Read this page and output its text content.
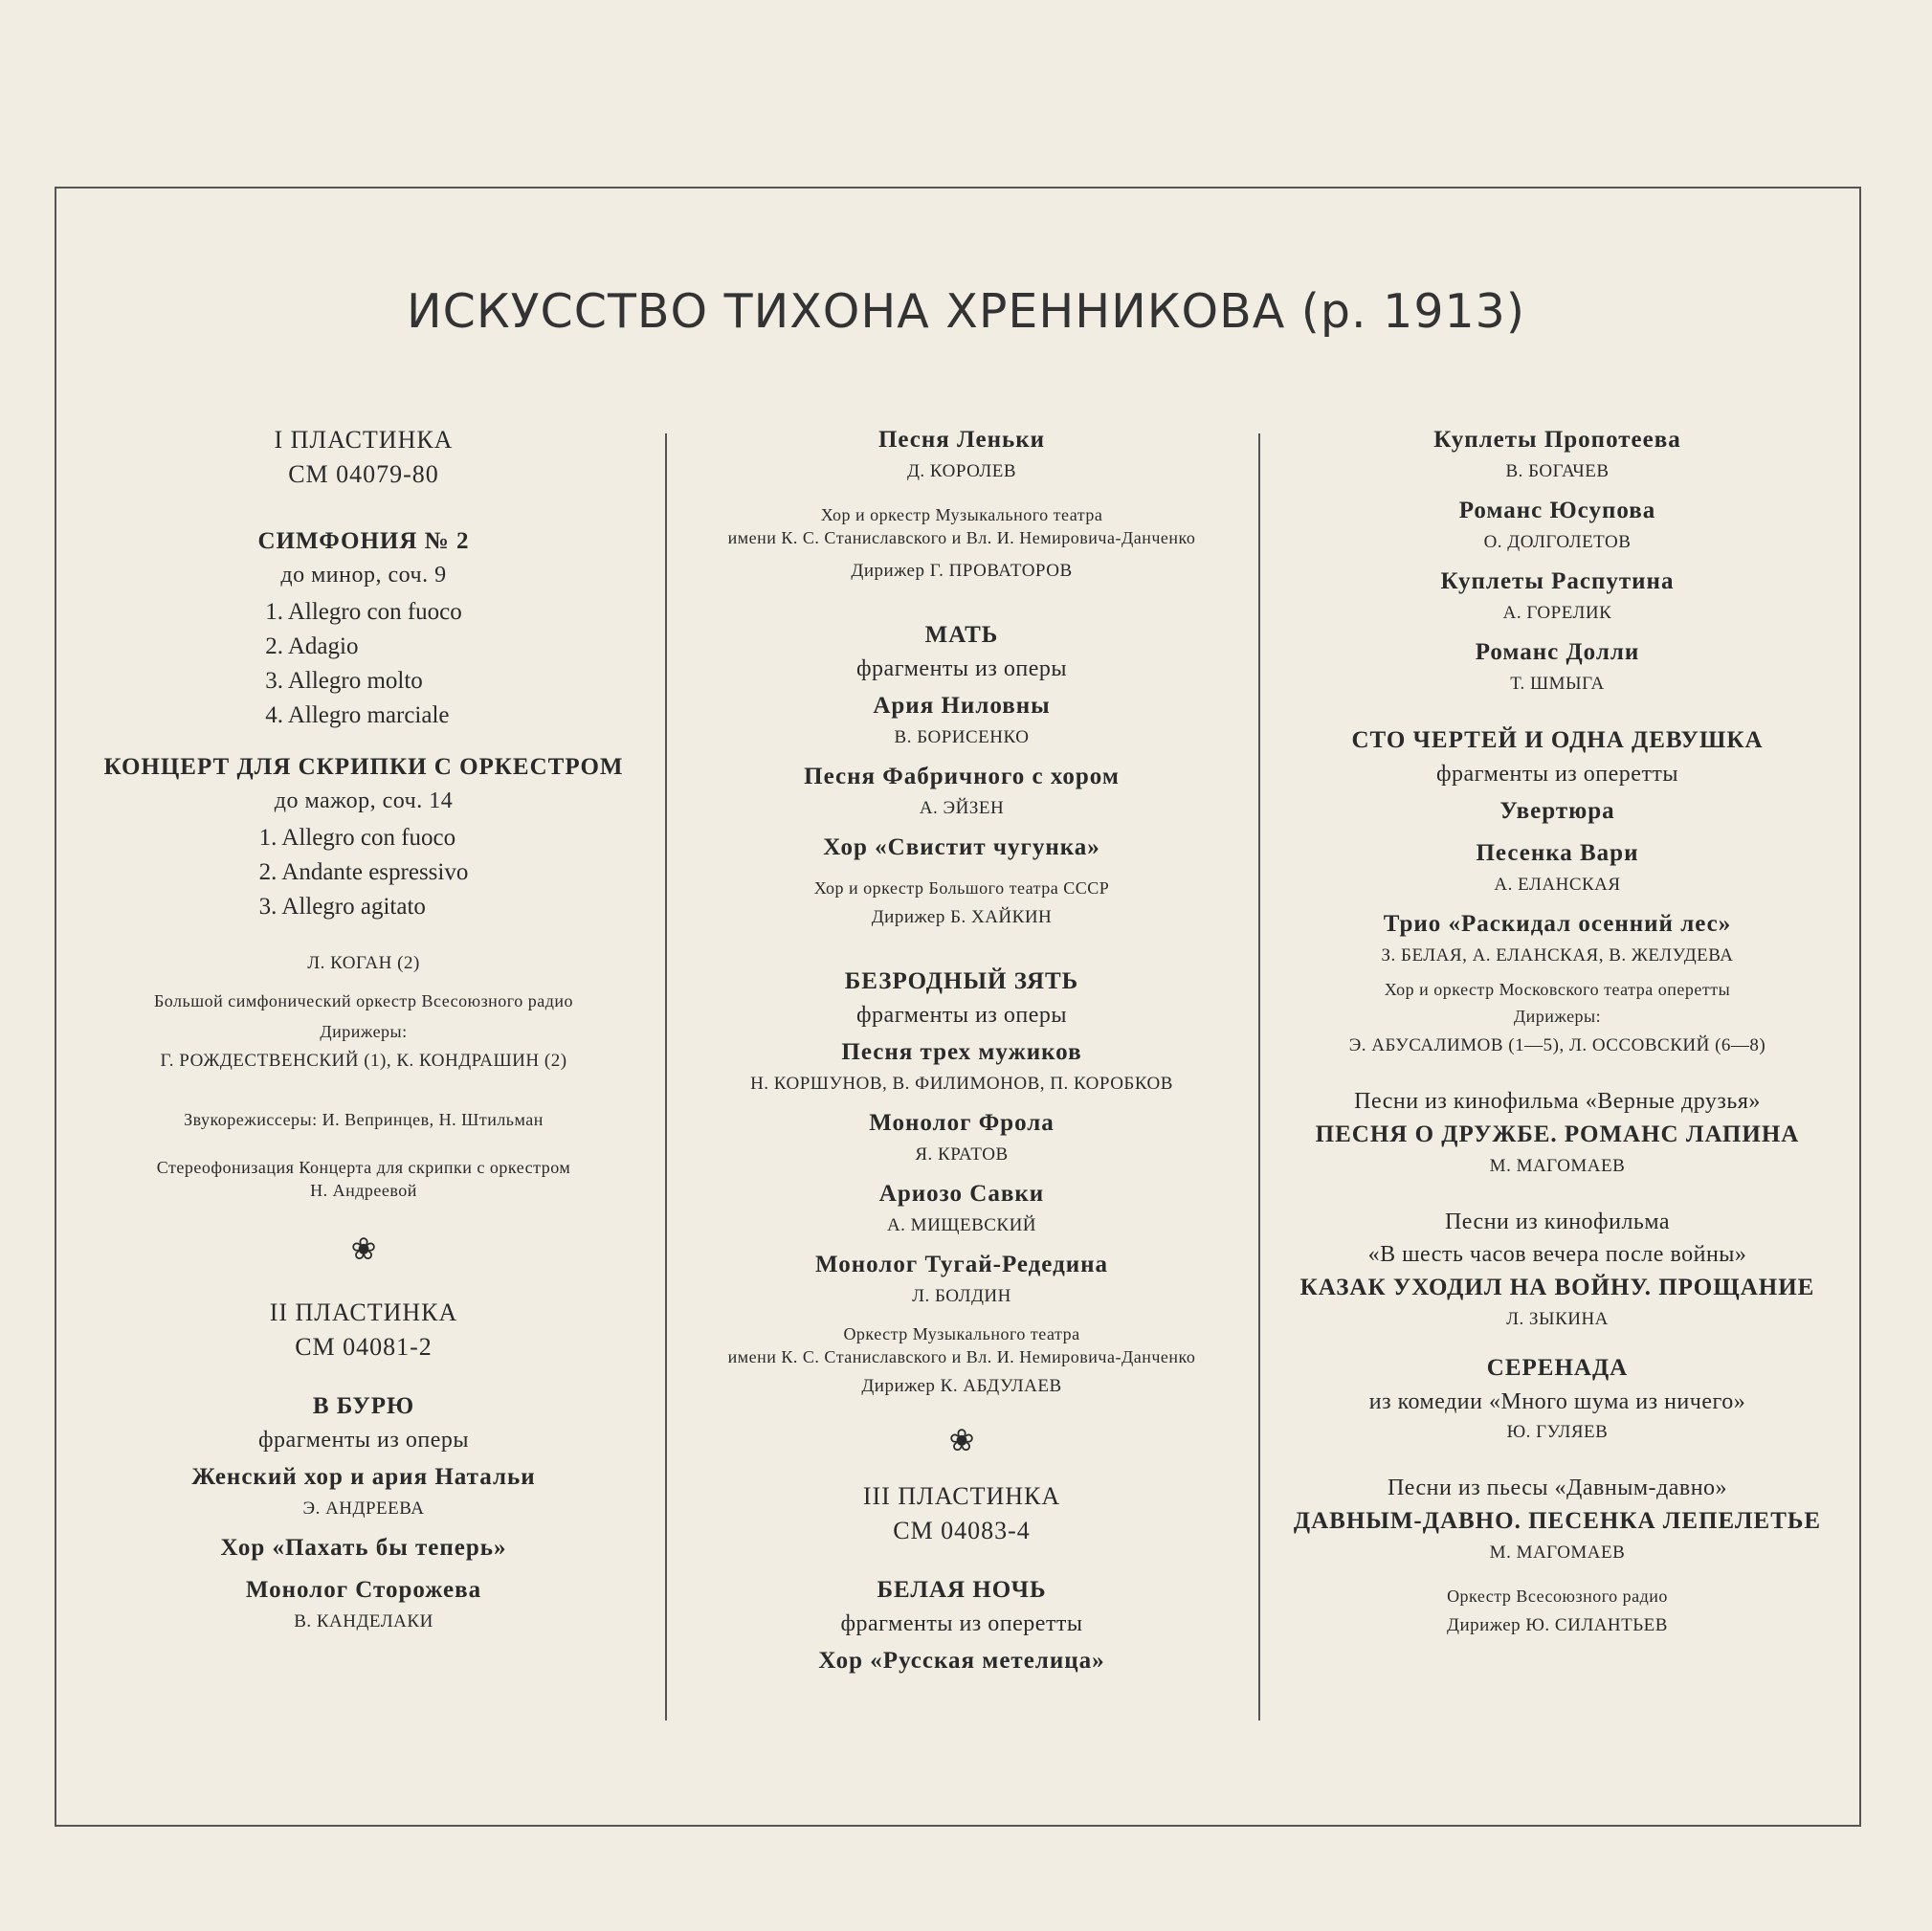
ИСКУССТВО ТИХОНА ХРЕННИКОВА (р. 1913)
I ПЛАСТИНКА
СМ 04079-80
СИМФОНИЯ № 2
до минор, соч. 9
1. Allegro con fuoco
2. Adagio
3. Allegro molto
4. Allegro marciale
КОНЦЕРТ ДЛЯ СКРИПКИ С ОРКЕСТРОМ
до мажор, соч. 14
1. Allegro con fuoco
2. Andante espressivo
3. Allegro agitato
Л. КОГАН (2)
Большой симфонический оркестр Всесоюзного радио
Дирижеры:
Г. РОЖДЕСТВЕНСКИЙ (1), К. КОНДРАШИН (2)
Звукорежиссеры: И. Вепринцев, Н. Штильман
Стереофонизация Концерта для скрипки с оркестром
Н. Андреевой
❀
II ПЛАСТИНКА
СМ 04081-2
В БУРЮ
фрагменты из оперы
Женский хор и ария Натальи
Э. АНДРЕЕВА
Хор «Пахать бы теперь»
Монолог Сторожева
В. КАНДЕЛАКИ
Песня Леньки
Д. КОРОЛЕВ
Хор и оркестр Музыкального театра
имени К. С. Станиславского и Вл. И. Немировича-Данченко
Дирижер Г. ПРОВАТОРОВ
МАТЬ
фрагменты из оперы
Ария Ниловны
В. БОРИСЕНКО
Песня Фабричного с хором
А. ЭЙЗЕН
Хор «Свистит чугунка»
Хор и оркестр Большого театра СССР
Дирижер Б. ХАЙКИН
БЕЗРОДНЫЙ ЗЯТЬ
фрагменты из оперы
Песня трех мужиков
Н. КОРШУНОВ, В. ФИЛИМОНОВ, П. КОРОБКОВ
Монолог Фрола
Я. КРАТОВ
Ариозо Савки
А. МИЩЕВСКИЙ
Монолог Тугай-Редедина
Л. БОЛДИН
Оркестр Музыкального театра
имени К. С. Станиславского и Вл. И. Немировича-Данченко
Дирижер К. АБДУЛАЕВ
❀
III ПЛАСТИНКА
СМ 04083-4
БЕЛАЯ НОЧЬ
фрагменты из оперетты
Хор «Русская метелица»
Куплеты Пропотеева
В. БОГАЧЕВ
Романс Юсупова
О. ДОЛГОЛЕТОВ
Куплеты Распутина
А. ГОРЕЛИК
Романс Долли
Т. ШМЫГА
СТО ЧЕРТЕЙ И ОДНА ДЕВУШКА
фрагменты из оперетты
Увертюра
Песенка Вари
А. ЕЛАНСКАЯ
Трио «Раскидал осенний лес»
З. БЕЛАЯ, А. ЕЛАНСКАЯ, В. ЖЕЛУДЕВА
Хор и оркестр Московского театра оперетты
Дирижеры:
Э. АБУСАЛИМОВ (1—5), Л. ОССОВСКИЙ (6—8)
Песни из кинофильма «Верные друзья»
ПЕСНЯ О ДРУЖБЕ. РОМАНС ЛАПИНА
М. МАГОМАЕВ
Песни из кинофильма
«В шесть часов вечера после войны»
КАЗАК УХОДИЛ НА ВОЙНУ. ПРОЩАНИЕ
Л. ЗЫКИНА
СЕРЕНАДА
из комедии «Много шума из ничего»
Ю. ГУЛЯЕВ
Песни из пьесы «Давным-давно»
ДАВНЫМ-ДАВНО. ПЕСЕНКА ЛЕПЕЛЕТЬЕ
М. МАГОМАЕВ
Оркестр Всесоюзного радио
Дирижер Ю. СИЛАНТЬЕВ
